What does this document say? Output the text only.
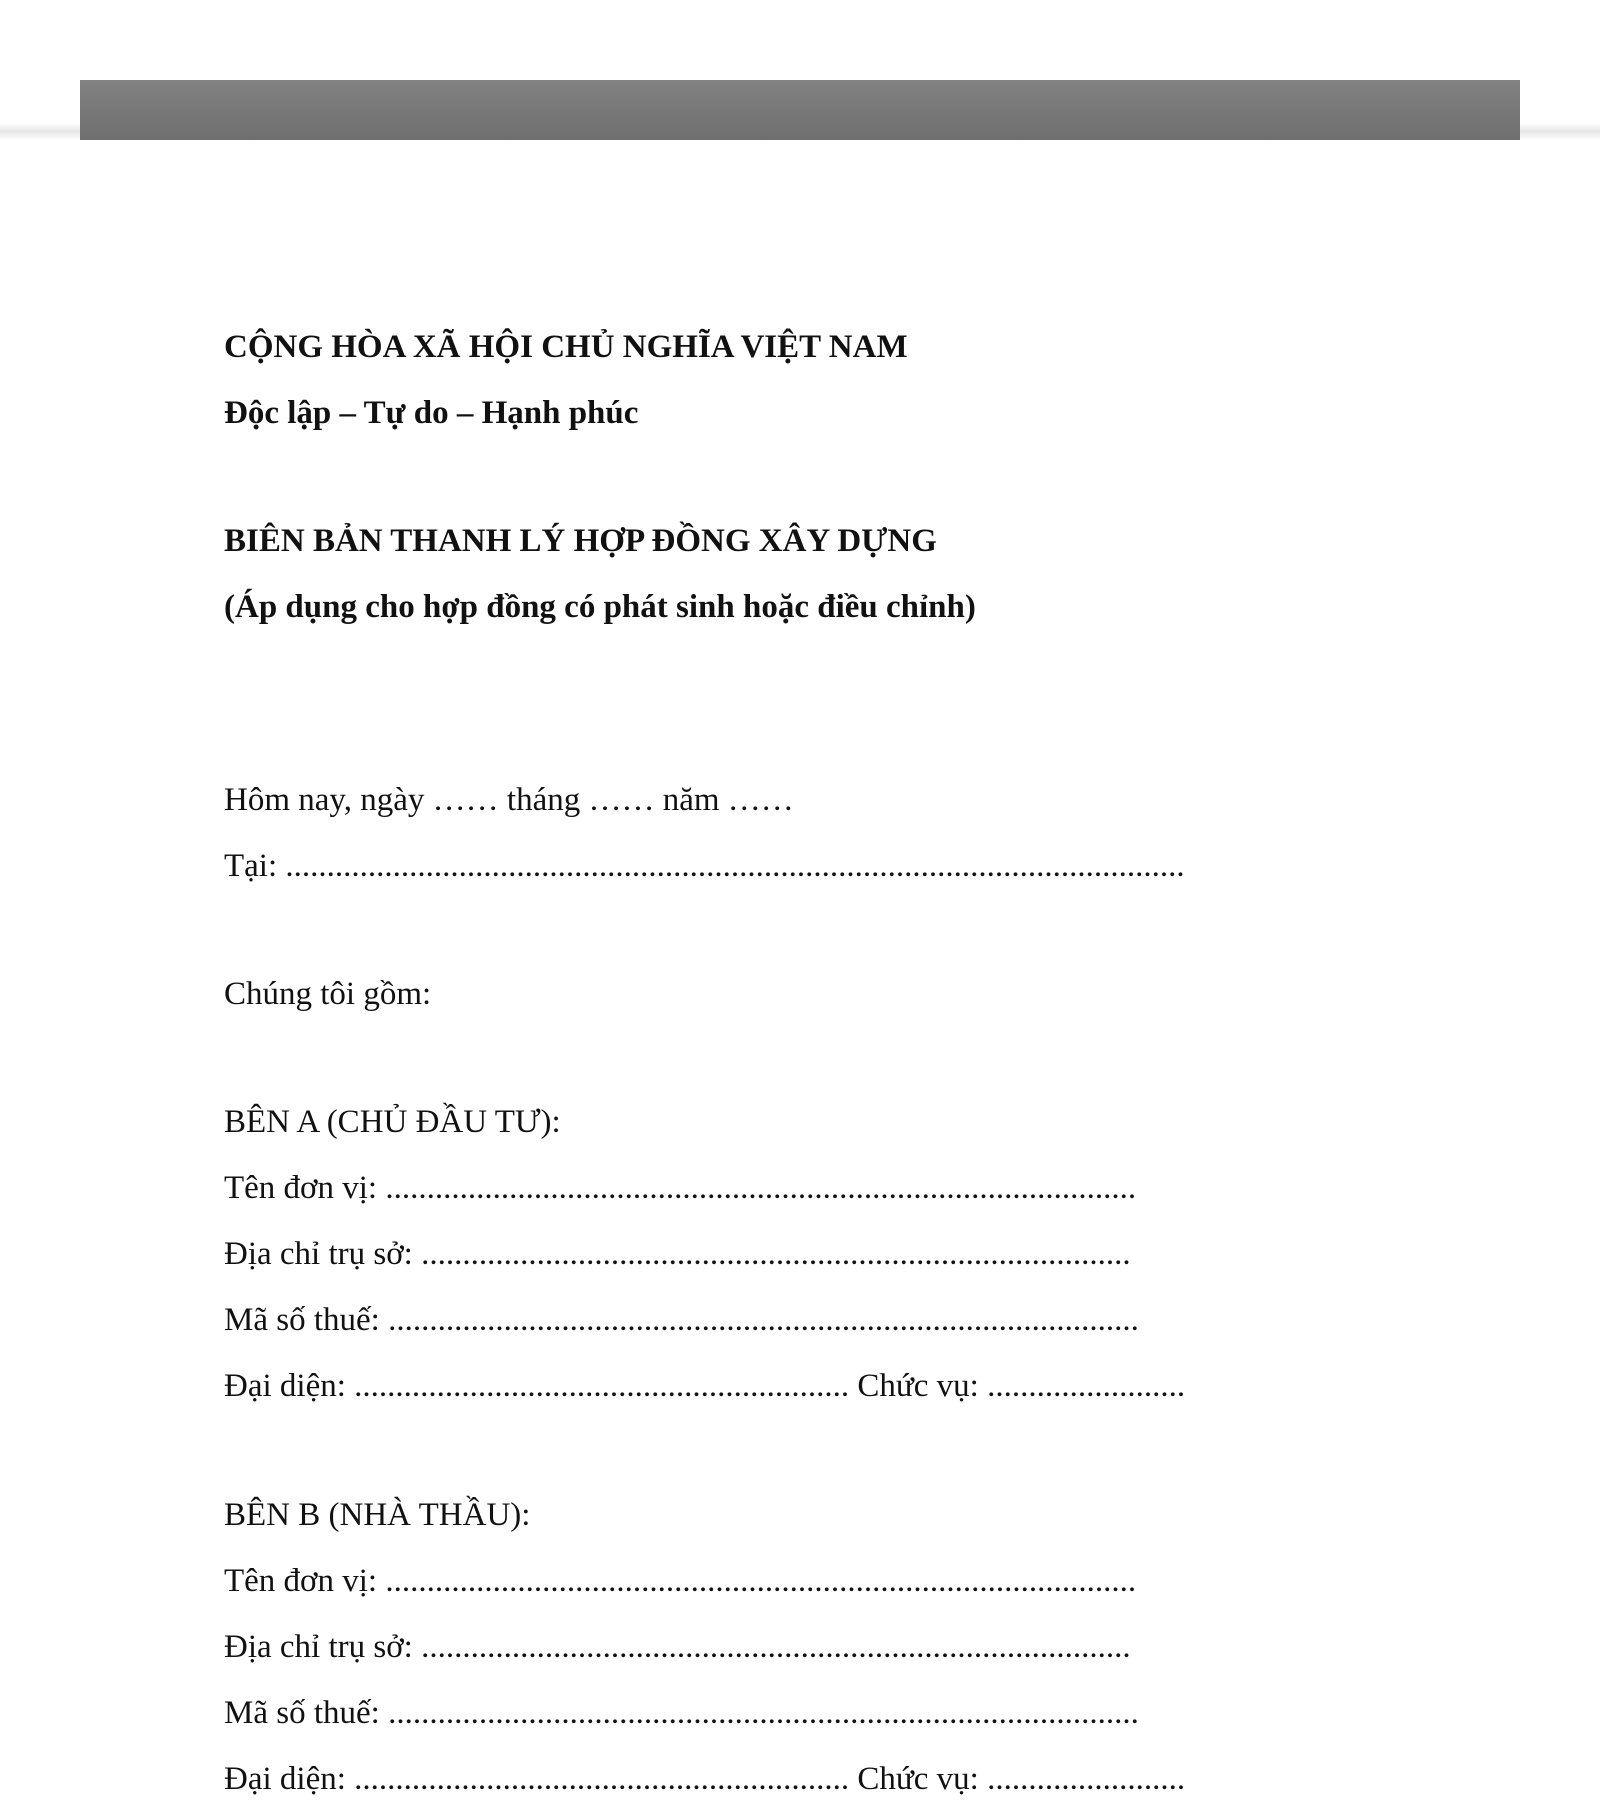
CỘNG HÒA XÃ HỘI CHỦ NGHĨA VIỆT NAM
Độc lập – Tự do – Hạnh phúc
BIÊN BẢN THANH LÝ HỢP ĐỒNG XÂY DỰNG
(Áp dụng cho hợp đồng có phát sinh hoặc điều chỉnh)
Hôm nay, ngày …… tháng …… năm ……
Tại: .............................................................................................................
Chúng tôi gồm:
BÊN A (CHỦ ĐẦU TƯ):
Tên đơn vị: ...........................................................................................
Địa chỉ trụ sở: ......................................................................................
Mã số thuế: ...........................................................................................
Đại diện: ............................................................ Chức vụ: ........................
BÊN B (NHÀ THẦU):
Tên đơn vị: ...........................................................................................
Địa chỉ trụ sở: ......................................................................................
Mã số thuế: ...........................................................................................
Đại diện: ............................................................ Chức vụ: ........................
